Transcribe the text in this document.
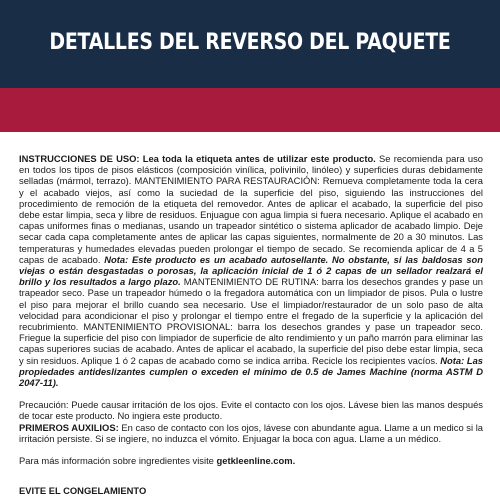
DETALLES DEL REVERSO DEL PAQUETE

INSTRUCCIONES DE USO: Lea toda la etiqueta antes de utilizar este producto. Se recomienda para uso en todos los tipos de pisos elásticos (composición vinílica, polivinilo, linóleo) y superficies duras debidamente selladas (mármol, terrazo). MANTENIMIENTO PARA RESTAURACIÓN: Remueva completamente toda la cera y el acabado viejos, así como la suciedad de la superficie del piso, siguiendo las instrucciones del procedimiento de remoción de la etiqueta del removedor. Antes de aplicar el acabado, la superficie del piso debe estar limpia, seca y libre de residuos. Enjuague con agua limpia si fuera necesario. Aplique el acabado en capas uniformes finas o medianas, usando un trapeador sintético o sistema aplicador de acabado limpio. Deje secar cada capa completamente antes de aplicar las capas siguientes, normalmente de 20 a 30 minutos. Las temperaturas y humedades elevadas pueden prolongar el tiempo de secado. Se recomienda aplicar de 4 a 5 capas de acabado. Nota: Este producto es un acabado autosellante. No obstante, si las baldosas son viejas o están desgastadas o porosas, la aplicación inicial de 1 ó 2 capas de un sellador realzará el brillo y los resultados a largo plazo. MANTENIMIENTO DE RUTINA: barra los desechos grandes y pase un trapeador seco. Pase un trapeador húmedo o la fregadora automática con un limpiador de pisos. Pula o lustre el piso para mejorar el brillo cuando sea necesario. Use el limpiador/restaurador de un solo paso de alta velocidad para acondicionar el piso y prolongar el tiempo entre el fregado de la superficie y la aplicación del recubrimiento. MANTENIMIENTO PROVISIONAL: barra los desechos grandes y pase un trapeador seco. Friegue la superficie del piso con limpiador de superficie de alto rendimiento y un paño marrón para eliminar las capas superiores sucias de acabado. Antes de aplicar el acabado, la superficie del piso debe estar limpia, seca y sin residuos. Aplique 1 ó 2 capas de acabado como se indica arriba. Recicle los recipientes vacíos. Nota: Las propiedades antideslizantes cumplen o exceden el mínimo de 0.5 de James Machine (norma ASTM D 2047-11).

Precaución: Puede causar irritación de los ojos. Evite el contacto con los ojos. Lávese bien las manos después de tocar este producto. No ingiera este producto.
PRIMEROS AUXILIOS: En caso de contacto con los ojos, lávese con abundante agua. Llame a un medico si la irritación persiste. Si se ingiere, no induzca el vómito. Enjuagar la boca con agua. Llame a un médico.

Para más información sobre ingredientes visite getkleenline.com.

EVITE EL CONGELAMIENTO
